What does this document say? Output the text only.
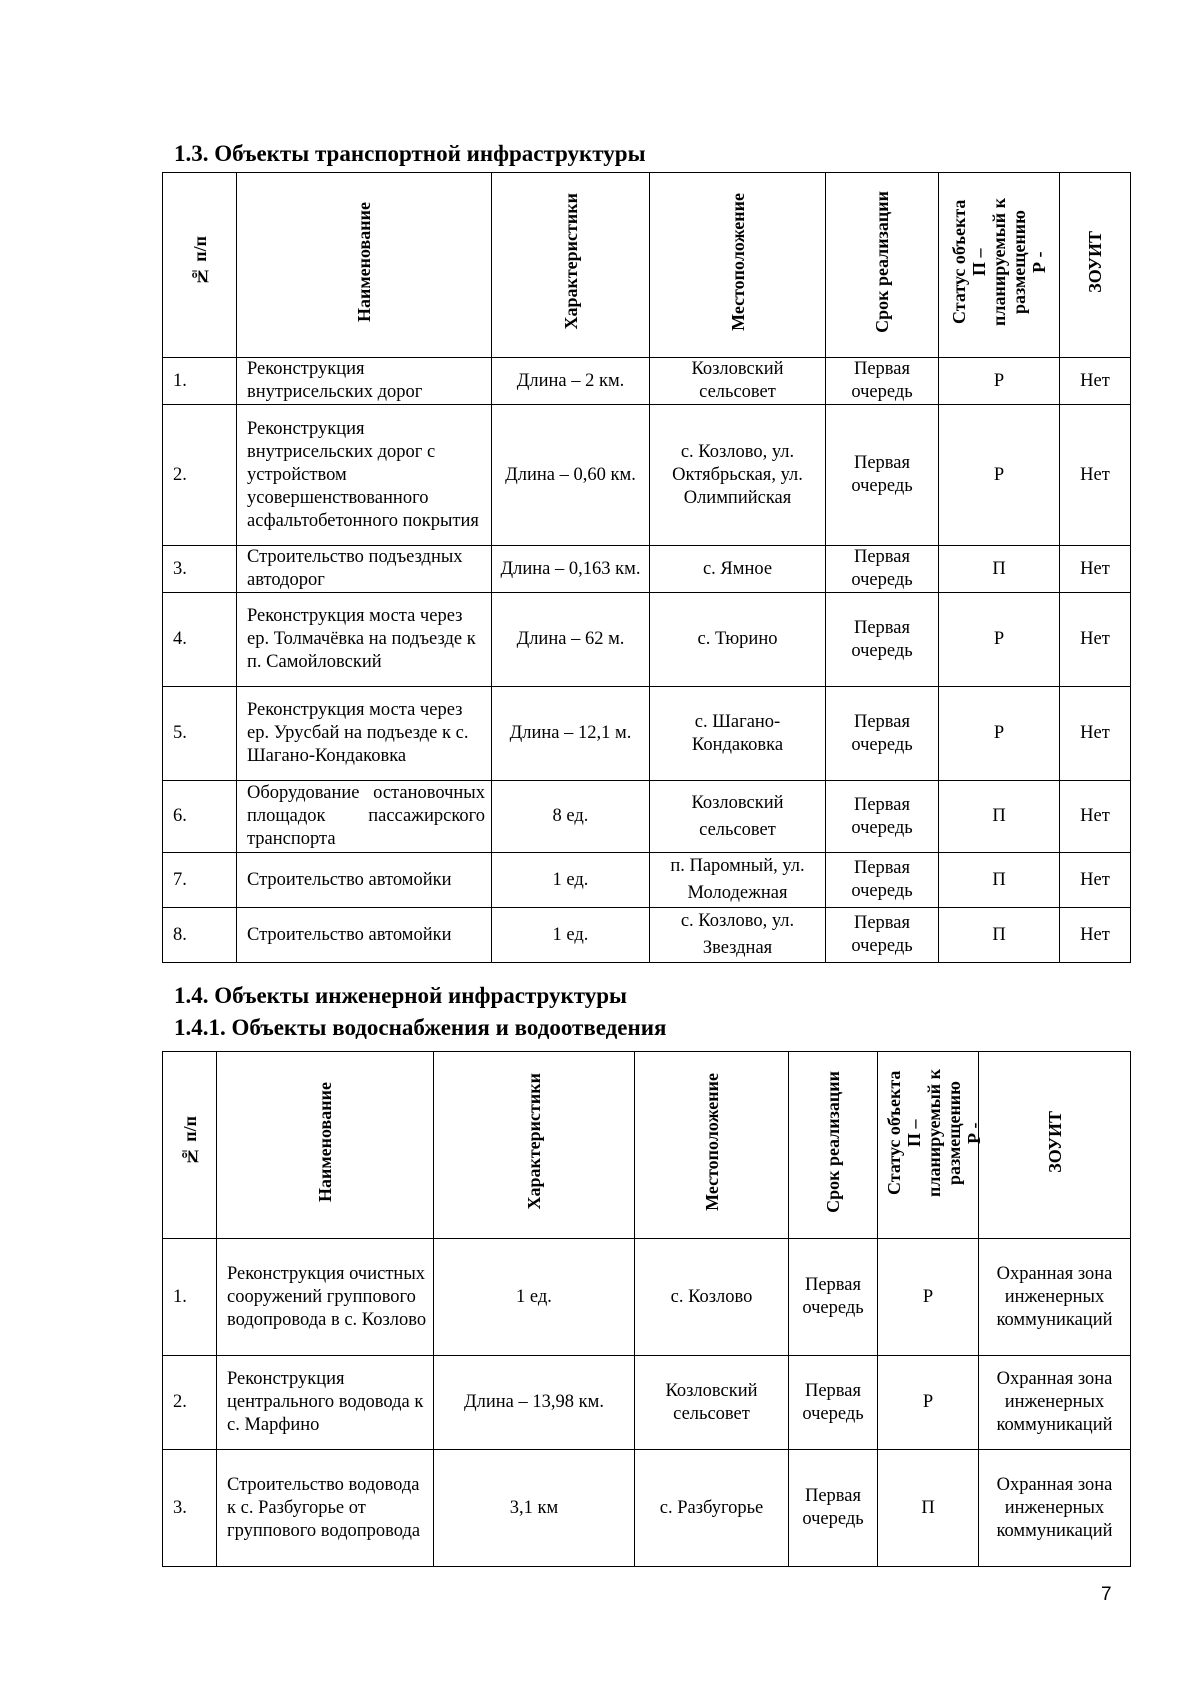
1.3. Объекты транспортной инфраструктуры
№ п/п	Наименование	Характеристики	Местоположение	Срок реализации	Статус объекта
П –
планируемый к
размещению
Р -	ЗОУИТ
1.	Реконструкция внутрисельских дорог	Длина – 2 км.	Козловский сельсовет	Первая очередь	Р	Нет
2.	Реконструкция внутрисельских дорог с устройством усовершенствованного асфальтобетонного покрытия	Длина – 0,60 км.	с. Козлово, ул. Октябрьская, ул. Олимпийская	Первая очередь	Р	Нет
3.	Строительство подъездных автодорог	Длина – 0,163 км.	с. Ямное	Первая очередь	П	Нет
4.	Реконструкция моста через ер. Толмачёвка на подъезде к п. Самойловский	Длина – 62 м.	с. Тюрино	Первая очередь	Р	Нет
5.	Реконструкция моста через ер. Урусбай на подъезде к с. Шагано-Кондаковка	Длина – 12,1 м.	с. Шагано-Кондаковка	Первая очередь	Р	Нет
6.	Оборудование остановочных площадок пассажирского транспорта	8 ед.	Козловский сельсовет	Первая очередь	П	Нет
7.	Строительство автомойки	1 ед.	п. Паромный, ул. Молодежная	Первая очередь	П	Нет
8.	Строительство автомойки	1 ед.	с. Козлово, ул. Звездная	Первая очередь	П	Нет
1.4. Объекты инженерной инфраструктуры
1.4.1. Объекты водоснабжения и водоотведения
№ п/п	Наименование	Характеристики	Местоположение	Срок реализации	Статус объекта
П –
планируемый к
размещению
Р -	ЗОУИТ
1.	Реконструкция очистных сооружений группового водопровода в с. Козлово	1 ед.	с. Козлово	Первая очередь	Р	Охранная зона инженерных коммуникаций
2.	Реконструкция центрального водовода к с. Марфино	Длина – 13,98 км.	Козловский сельсовет	Первая очередь	Р	Охранная зона инженерных коммуникаций
3.	Строительство водовода к с. Разбугорье от группового водопровода	3,1 км	с. Разбугорье	Первая очередь	П	Охранная зона инженерных коммуникаций
7
